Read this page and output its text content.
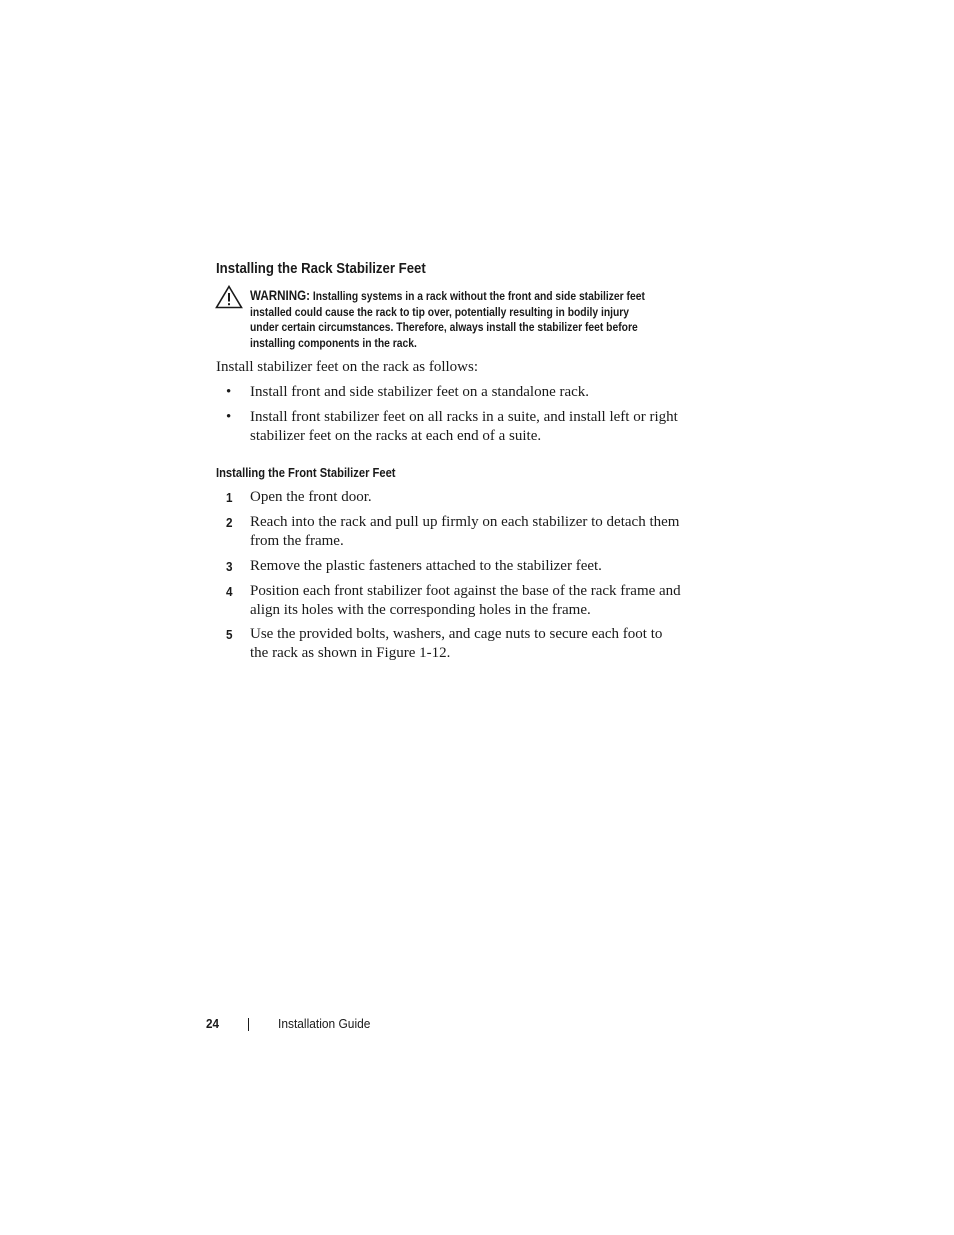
Installing the Rack Stabilizer Feet
WARNING: Installing systems in a rack without the front and side stabilizer feet
installed could cause the rack to tip over, potentially resulting in bodily injury
under certain circumstances. Therefore, always install the stabilizer feet before
installing components in the rack.

Install stabilizer feet on the rack as follows:

• Install front and side stabilizer feet on a standalone rack.
• Install front stabilizer feet on all racks in a suite, and install left or right
stabilizer feet on the racks at each end of a suite.
Installing the Front Stabilizer Feet
1 Open the front door.
2 Reach into the rack and pull up firmly on each stabilizer to detach them
from the frame.
3 Remove the plastic fasteners attached to the stabilizer feet.
4 Position each front stabilizer foot against the base of the rack frame and
align its holes with the corresponding holes in the frame.
5 Use the provided bolts, washers, and cage nuts to secure each foot to
the rack as shown in Figure 1-12.
24	Installation Guide
